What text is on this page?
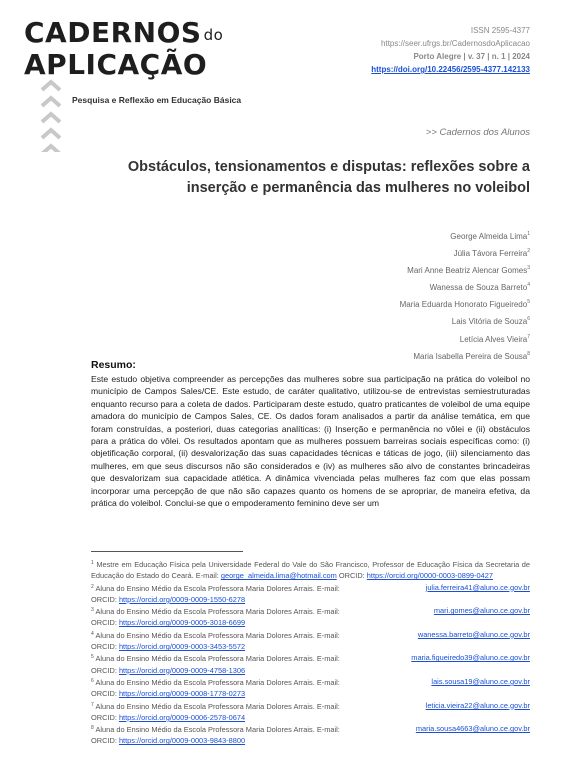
CADERNOS do
APLICAÇÃO
Pesquisa e Reflexão em Educação Básica
ISSN 2595-4377
https://seer.ufrgs.br/CadernosdoAplicacao
Porto Alegre | v. 37 | n. 1 | 2024
https://doi.org/10.22456/2595-4377.142133
>> Cadernos dos Alunos
Obstáculos, tensionamentos e disputas: reflexões sobre a
inserção e permanência das mulheres no voleibol
George Almeida Lima$^1$
Júlia Távora Ferreira$^2$
Mari Anne Beatriz Alencar Gomes$^3$
Wanessa de Souza Barreto$^4$
Maria Eduarda Honorato Figueiredo$^5$
Lais Vitória de Souza$^6$
Letícia Alves Vieira$^7$
Maria Isabella Pereira de Sousa$^8$
Resumo:
Este estudo objetiva compreender as percepções das mulheres sobre sua participação na prática do voleibol no município de Campos Sales/CE. Este estudo, de caráter qualitativo, utilizou-se de entrevistas semiestruturadas enquanto recurso para a coleta de dados. Participaram deste estudo, quatro praticantes de voleibol de uma equipe amadora do município de Campos Sales, CE. Os dados foram analisados a partir da análise temática, em que foram construídas, a posteriori, duas categorias analíticas: (i) Inserção e permanência no vôlei e (ii) obstáculos para a prática do vôlei. Os resultados apontam que as mulheres possuem barreiras sociais específicas como: (i) objetificação corporal, (ii) desvalorização das suas capacidades técnicas e táticas de jogo, (iii) silenciamento das mulheres, em que seus discursos não são considerados e (iv) as mulheres são alvo de constantes brincadeiras que desvalorizam sua capacidade atlética. A dinâmica vivenciada pelas mulheres faz com que elas possam incorporar uma percepção de que não são capazes quanto os homens de se apropriar, de maneira efetiva, da prática do voleibol. Conclui-se que o empoderamento feminino deve ser um
$^1$ Mestre em Educação Física pela Universidade Federal do Vale do São Francisco, Professor de Educação Física da Secretaria de Educação do Estado do Ceará. E-mail: george_almeida.lima@hotmail.com ORCID: https://orcid.org/0000-0003-0899-0427
$^2$ Aluna do Ensino Médio da Escola Professora Maria Dolores Arrais. E-mail:	julia.ferreira41@aluno.ce.gov.br
ORCID: https://orcid.org/0009-0009-1550-6278
$^3$ Aluna do Ensino Médio da Escola Professora Maria Dolores Arrais. E-mail:	mari.gomes@aluno.ce.gov.br
ORCID: https://orcid.org/0009-0005-3018-6699
$^4$ Aluna do Ensino Médio da Escola Professora Maria Dolores Arrais. E-mail:	wanessa.barreto@aluno.ce.gov.br
ORCID: https://orcid.org/0009-0003-3453-5572
$^5$ Aluna do Ensino Médio da Escola Professora Maria Dolores Arrais. E-mail:	maria.figueiredo39@aluno.ce.gov.br
ORCID: https://orcid.org/0009-0009-4758-1306
$^6$ Aluna do Ensino Médio da Escola Professora Maria Dolores Arrais. E-mail:	lais.sousa19@aluno.ce.gov.br
ORCID: https://orcid.org/0009-0008-1778-0273
$^7$ Aluna do Ensino Médio da Escola Professora Maria Dolores Arrais. E-mail:	leticia.vieira22@aluno.ce.gov.br
ORCID: https://orcid.org/0009-0006-2578-0674
$^8$ Aluna do Ensino Médio da Escola Professora Maria Dolores Arrais. E-mail:	maria.sousa4663@aluno.ce.gov.br
ORCID: https://orcid.org/0009-0003-9843-8800
